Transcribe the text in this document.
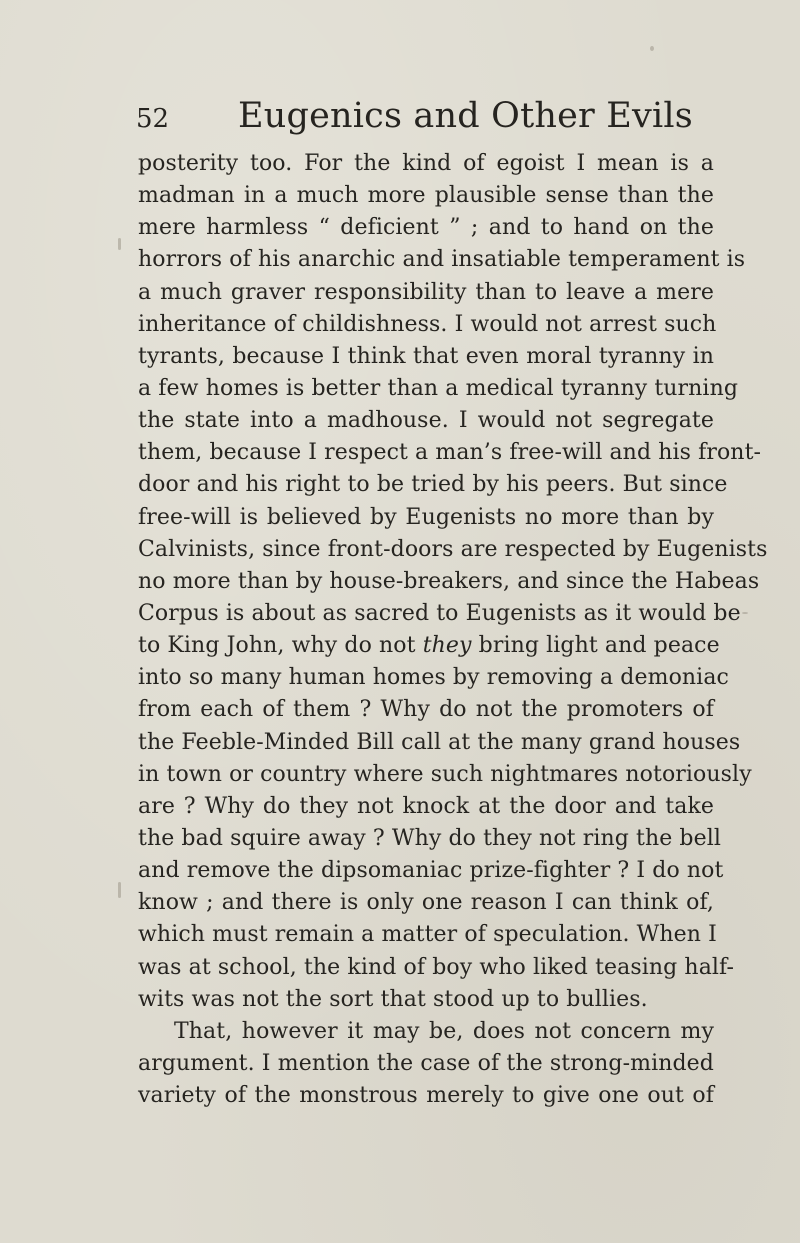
52 Eugenics and Other Evils
posterity too. For the kind of egoist I mean is a
madman in a much more plausible sense than the
mere harmless “ deficient ” ; and to hand on the
horrors of his anarchic and insatiable temperament is
a much graver responsibility than to leave a mere
inheritance of childishness. I would not arrest such
tyrants, because I think that even moral tyranny in
a few homes is better than a medical tyranny turning
the state into a madhouse. I would not segregate
them, because I respect a man’s free-will and his front-
door and his right to be tried by his peers. But since
free-will is believed by Eugenists no more than by
Calvinists, since front-doors are respected by Eugenists
no more than by house-breakers, and since the Habeas
Corpus is about as sacred to Eugenists as it would be
to King John, why do not they bring light and peace
into so many human homes by removing a demoniac
from each of them ? Why do not the promoters of
the Feeble-Minded Bill call at the many grand houses
in town or country where such nightmares notoriously
are ? Why do they not knock at the door and take
the bad squire away ? Why do they not ring the bell
and remove the dipsomaniac prize-fighter ? I do not
know ; and there is only one reason I can think of,
which must remain a matter of speculation. When I
was at school, the kind of boy who liked teasing half-
wits was not the sort that stood up to bullies.
That, however it may be, does not concern my
argument. I mention the case of the strong-minded
variety of the monstrous merely to give one out of
